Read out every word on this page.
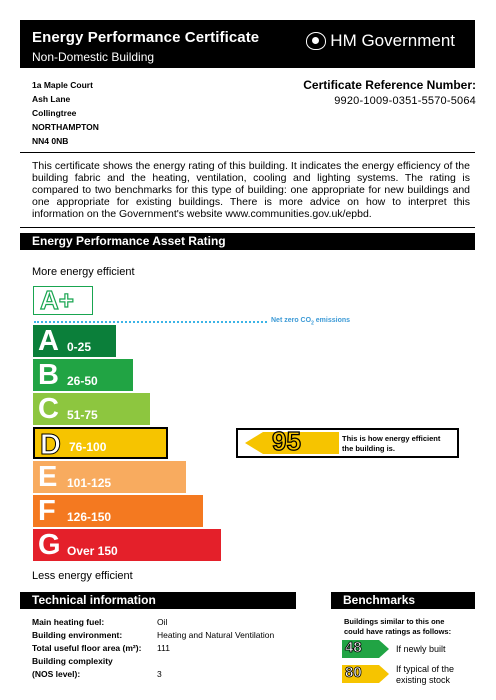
Energy Performance Certificate
Non-Domestic Building
HM Government
1a Maple Court
Ash Lane
Collingtree
NORTHAMPTON
NN4 0NB
Certificate Reference Number:
9920-1009-0351-5570-5064
This certificate shows the energy rating of this building. It indicates the energy efficiency of the building fabric and the heating, ventilation, cooling and lighting systems. The rating is compared to two benchmarks for this type of building: one appropriate for new buildings and one appropriate for existing buildings. There is more advice on how to interpret this information on the Government's website www.communities.gov.uk/epbd.
Energy Performance Asset Rating
More energy efficient
A+
Net zero $CO_2$ emissions
A 0-25
B 26-50
C 51-75
D 76-100
E 101-125
F 126-150
G Over 150
95	This is how energy efficient
the building is.
Less energy efficient
Technical information
Main heating fuel:	Oil
Building environment:	Heating and Natural Ventilation
Total useful floor area (m²): 111
Building complexity
(NOS level):	3
Benchmarks
Buildings similar to this one
could have ratings as follows:
48	If newly built
80	If typical of the
existing stock
